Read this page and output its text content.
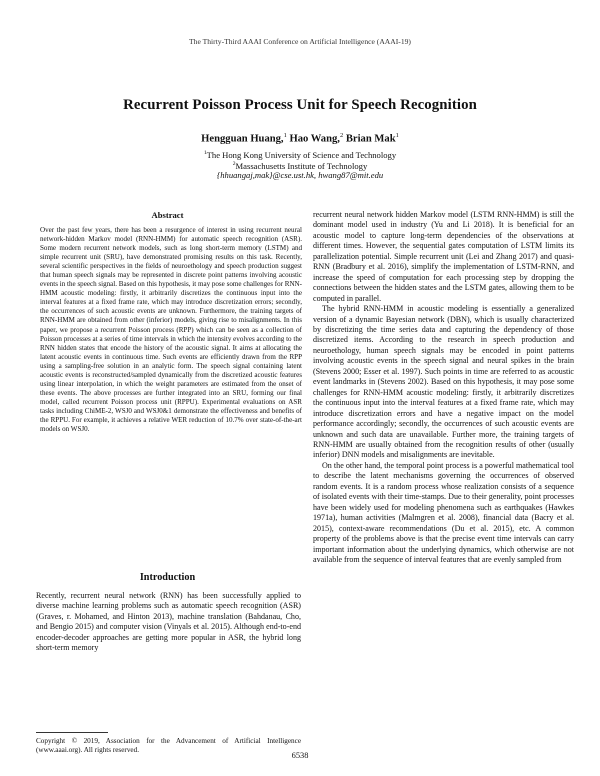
The Thirty-Third AAAI Conference on Artificial Intelligence (AAAI-19)
Recurrent Poisson Process Unit for Speech Recognition
Hengguan Huang,$^1$ Hao Wang,$^2$ Brian Mak$^1$
$^1$The Hong Kong University of Science and Technology
$^2$Massachusetts Institute of Technology
{hhuangaj,mak}@cse.ust.hk, hwang87@mit.edu
Abstract

Over the past few years, there has been a resurgence of interest in using recurrent neural network-hidden Markov model (RNN-HMM) for automatic speech recognition (ASR). Some modern recurrent network models, such as long short-term memory (LSTM) and simple recurrent unit (SRU), have demonstrated promising results on this task. Recently, several scientific perspectives in the fields of neuroethology and speech production suggest that human speech signals may be represented in discrete point patterns involving acoustic events in the speech signal. Based on this hypothesis, it may pose some challenges for RNN-HMM acoustic modeling: firstly, it arbitrarily discretizes the continuous input into the interval features at a fixed frame rate, which may introduce discretization errors; secondly, the occurrences of such acoustic events are unknown. Furthermore, the training targets of RNN-HMM are obtained from other (inferior) models, giving rise to misalignments. In this paper, we propose a recurrent Poisson process (RPP) which can be seen as a collection of Poisson processes at a series of time intervals in which the intensity evolves according to the RNN hidden states that encode the history of the acoustic signal. It aims at allocating the latent acoustic events in continuous time. Such events are efficiently drawn from the RPP using a sampling-free solution in an analytic form. The speech signal containing latent acoustic events is reconstructed/sampled dynamically from the discretized acoustic features using linear interpolation, in which the weight parameters are estimated from the onset of these events. The above processes are further integrated into an SRU, forming our final model, called recurrent Poisson process unit (RPPU). Experimental evaluations on ASR tasks including ChiME-2, WSJ0 and WSJ0&1 demonstrate the effectiveness and benefits of the RPPU. For example, it achieves a relative WER reduction of 10.7% over state-of-the-art models on WSJ0.

Introduction

Recently, recurrent neural network (RNN) has been successfully applied to diverse machine learning problems such as automatic speech recognition (ASR) (Graves, r. Mohamed, and Hinton 2013), machine translation (Bahdanau, Cho, and Bengio 2015) and computer vision (Vinyals et al. 2015). Although end-to-end encoder-decoder approaches are getting more popular in ASR, the hybrid long short-term memory

Copyright © 2019, Association for the Advancement of Artificial Intelligence (www.aaai.org). All rights reserved.

recurrent neural network hidden Markov model (LSTM RNN-HMM) is still the dominant model used in industry (Yu and Li 2018). It is beneficial for an acoustic model to capture long-term dependencies of the observations at different times. However, the sequential gates computation of LSTM limits its parallelization potential. Simple recurrent unit (Lei and Zhang 2017) and quasi-RNN (Bradbury et al. 2016), simplify the implementation of LSTM-RNN, and increase the speed of computation for each processing step by dropping the connections between the hidden states and the LSTM gates, allowing them to be computed in parallel.

The hybrid RNN-HMM in acoustic modeling is essentially a generalized version of a dynamic Bayesian network (DBN), which is usually characterized by discretizing the time series data and capturing the dependency of those discretized items. According to the research in speech production and neuroethology, human speech signals may be encoded in point patterns involving acoustic events in the speech signal and neural spikes in the brain (Stevens 2000; Esser et al. 1997). Such points in time are referred to as acoustic event landmarks in (Stevens 2002). Based on this hypothesis, it may pose some challenges for RNN-HMM acoustic modeling: firstly, it arbitrarily discretizes the continuous input into the interval features at a fixed frame rate, which may introduce discretization errors and have a negative impact on the model performance accordingly; secondly, the occurrences of such acoustic events are unknown and such data are unavailable. Further more, the training targets of RNN-HMM are usually obtained from the recognition results of other (usually inferior) DNN models and misalignments are inevitable.

On the other hand, the temporal point process is a powerful mathematical tool to describe the latent mechanisms governing the occurrences of observed random events. It is a random process whose realization consists of a sequence of isolated events with their time-stamps. Due to their generality, point processes have been widely used for modeling phenomena such as earthquakes (Hawkes 1971a), human activities (Malmgren et al. 2008), financial data (Bacry et al. 2015), context-aware recommendations (Du et al. 2015), etc. A common property of the problems above is that the precise event time intervals can carry important information about the underlying dynamics, which otherwise are not available from the sequence of interval features that are evenly sampled from

6538
